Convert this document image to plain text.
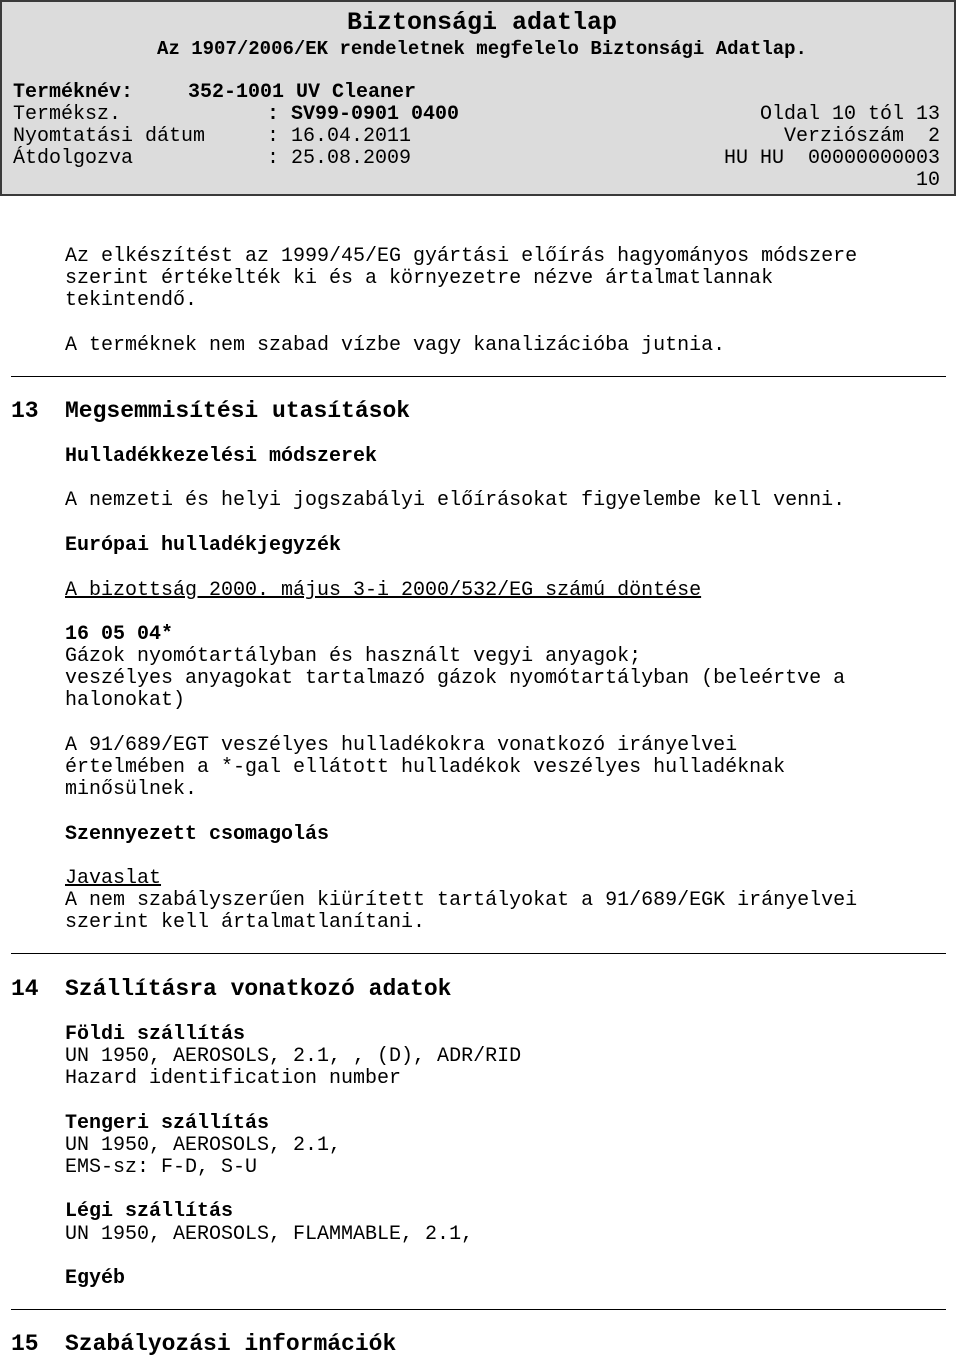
Biztonsági adatlap
Az 1907/2006/EK rendeletnek megfelelo Biztonsági Adatlap.
Terméknév:	352-1001 UV Cleaner
Terméksz.	: SV99-0901 0400	Oldal 10 tól 13
Nyomtatási dátum	: 16.04.2011	Verziószám  2
Átdolgozva	: 25.08.2009	HU HU  00000000003
10
Az elkészítést az 1999/45/EG gyártási előírás hagyományos módszere
szerint értékelték ki és a környezetre nézve ártalmatlannak
tekintendő.
A terméknek nem szabad vízbe vagy kanalizációba jutnia.
13 Megsemmisítési utasítások
Hulladékkezelési módszerek
A nemzeti és helyi jogszabályi előírásokat figyelembe kell venni.
Európai hulladékjegyzék
A bizottság 2000. május 3-i 2000/532/EG számú döntése
16 05 04*
Gázok nyomótartályban és használt vegyi anyagok;
veszélyes anyagokat tartalmazó gázok nyomótartályban (beleértve a
halonokat)
A 91/689/EGT veszélyes hulladékokra vonatkozó irányelvei
értelmében a *-gal ellátott hulladékok veszélyes hulladéknak
minősülnek.
Szennyezett csomagolás
Javaslat
A nem szabályszerűen kiürített tartályokat a 91/689/EGK irányelvei
szerint kell ártalmatlanítani.
14 Szállításra vonatkozó adatok
Földi szállítás
UN 1950, AEROSOLS, 2.1, , (D), ADR/RID
Hazard identification number
Tengeri szállítás
UN 1950, AEROSOLS, 2.1,
EMS-sz: F-D, S-U
Légi szállítás
UN 1950, AEROSOLS, FLAMMABLE, 2.1,
Egyéb
15 Szabályozási információk
